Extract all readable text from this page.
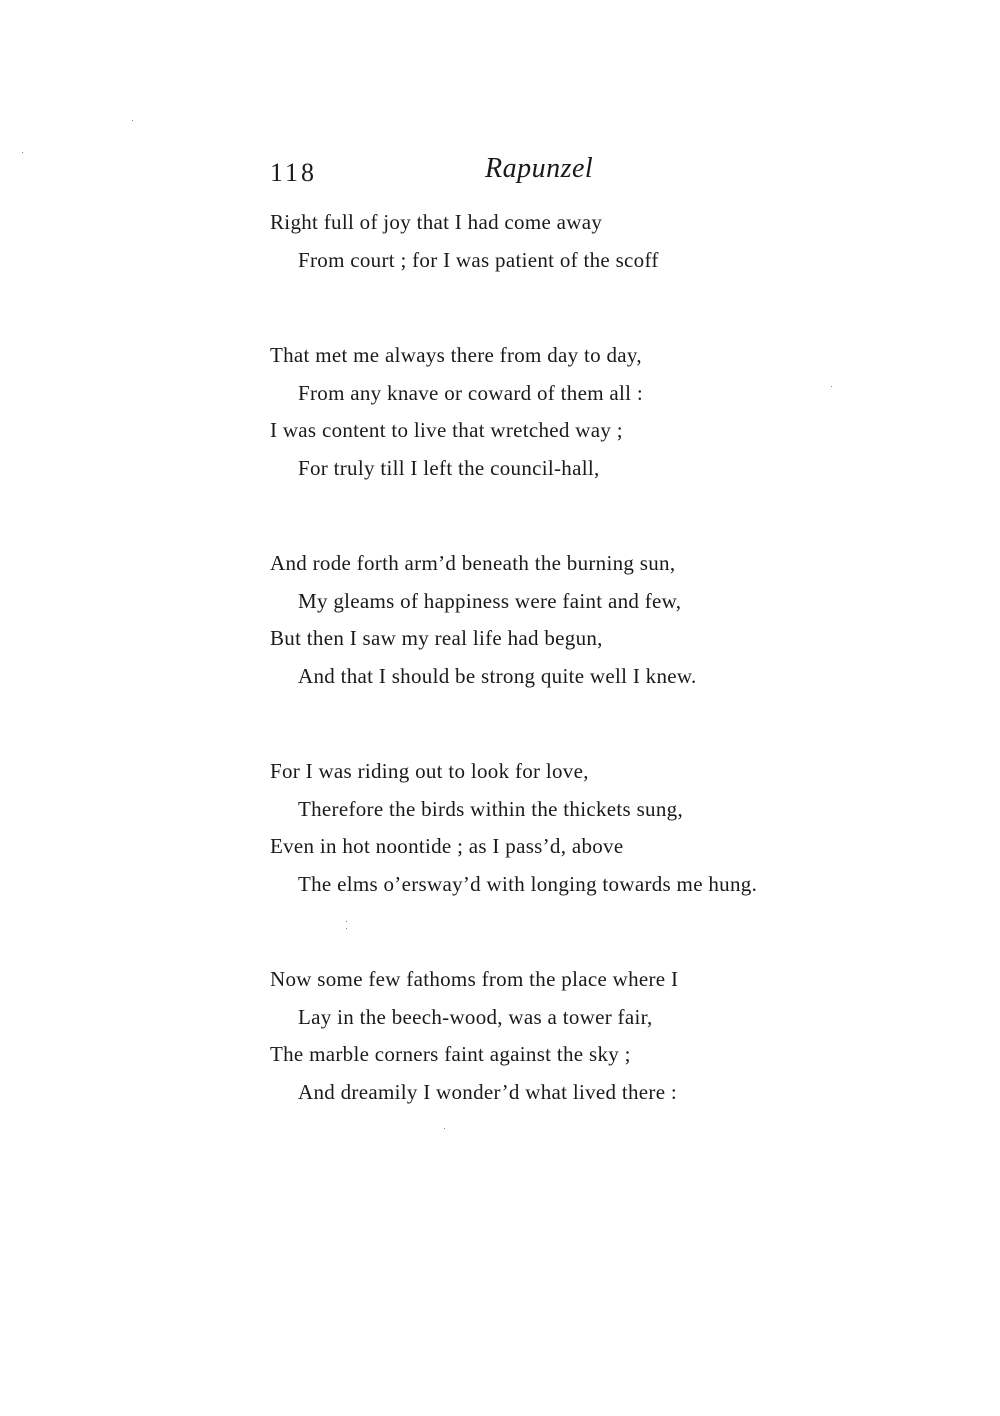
118	Rapunzel
Right full of joy that I had come away
From court ; for I was patient of the scoff
That met me always there from day to day,
From any knave or coward of them all :
I was content to live that wretched way ;
For truly till I left the council-hall,
And rode forth arm’d beneath the burning sun,
My gleams of happiness were faint and few,
But then I saw my real life had begun,
And that I should be strong quite well I knew.
For I was riding out to look for love,
Therefore the birds within the thickets sung,
Even in hot noontide ; as I pass’d, above
The elms o’ersway’d with longing towards me hung.
Now some few fathoms from the place where I
Lay in the beech-wood, was a tower fair,
The marble corners faint against the sky ;
And dreamily I wonder’d what lived there :
